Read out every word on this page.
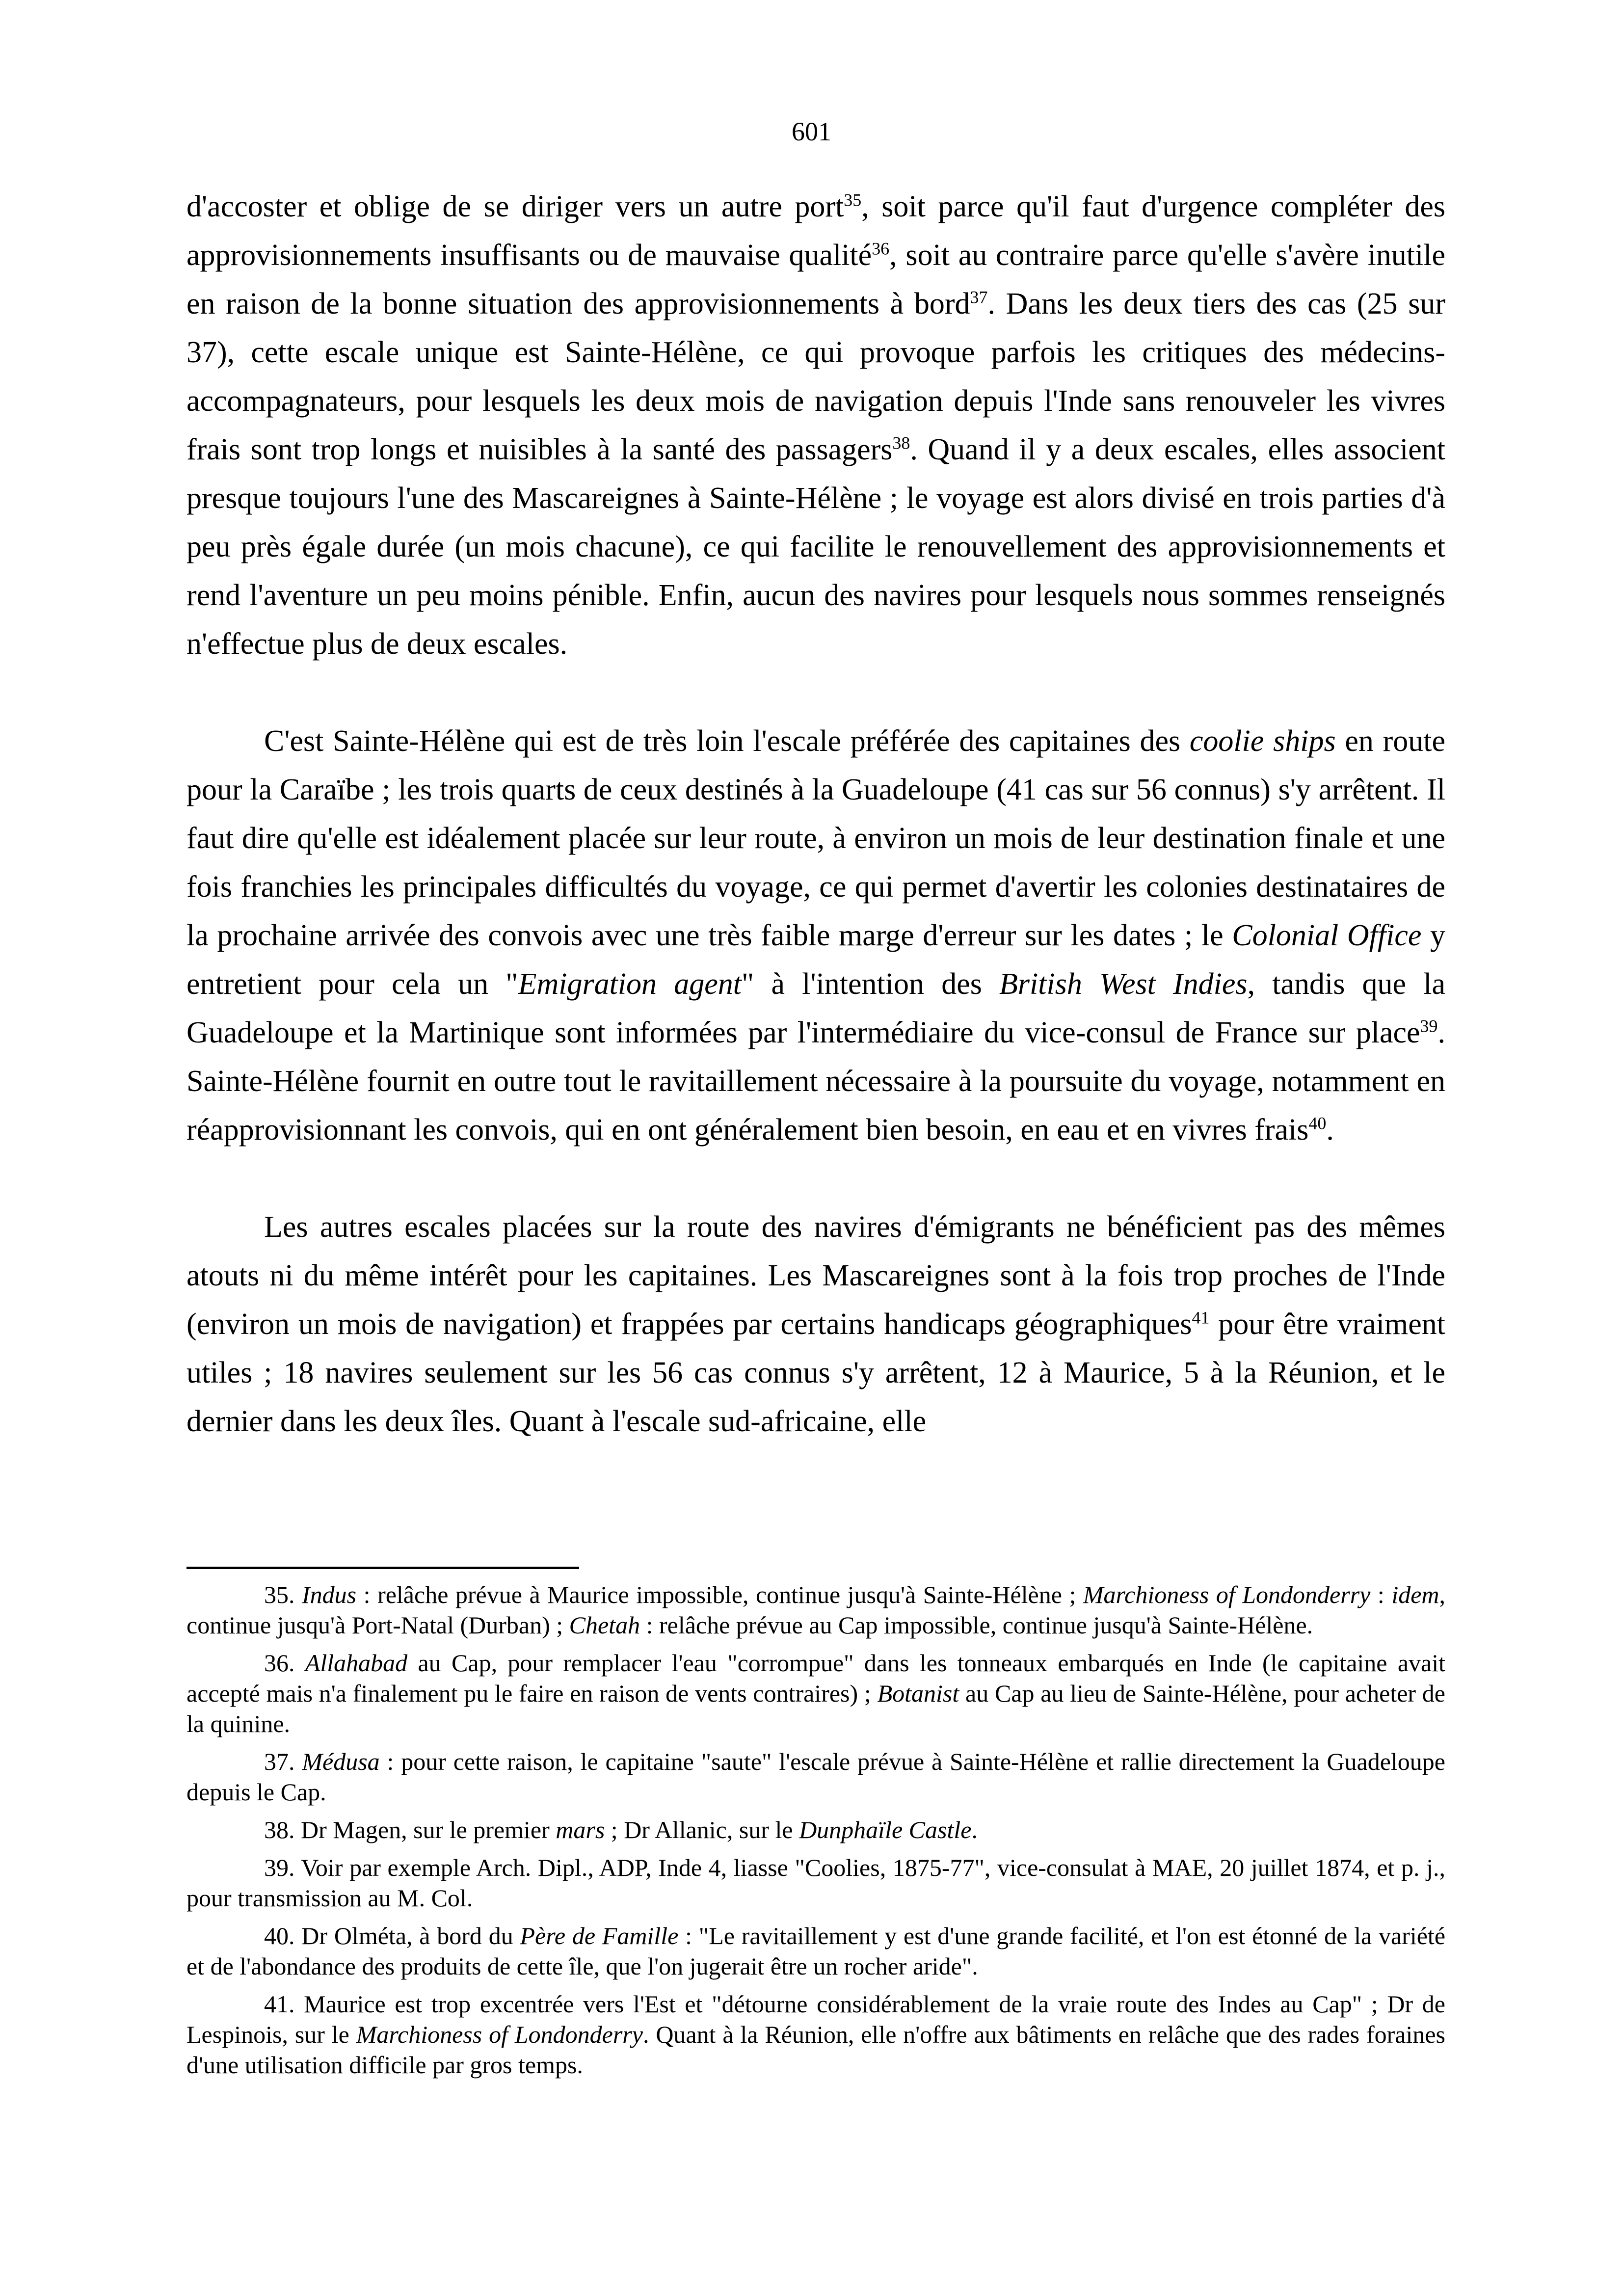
601

d'accoster et oblige de se diriger vers un autre port$^{35}$, soit parce qu'il faut d'urgence compléter des approvisionnements insuffisants ou de mauvaise qualité$^{36}$, soit au contraire parce qu'elle s'avère inutile en raison de la bonne situation des approvisionnements à bord$^{37}$. Dans les deux tiers des cas (25 sur 37), cette escale unique est Sainte-Hélène, ce qui provoque parfois les critiques des médecins-accompagnateurs, pour lesquels les deux mois de navigation depuis l'Inde sans renouveler les vivres frais sont trop longs et nuisibles à la santé des passagers$^{38}$. Quand il y a deux escales, elles associent presque toujours l'une des Mascareignes à Sainte-Hélène ; le voyage est alors divisé en trois parties d'à peu près égale durée (un mois chacune), ce qui facilite le renouvellement des approvisionnements et rend l'aventure un peu moins pénible. Enfin, aucun des navires pour lesquels nous sommes renseignés n'effectue plus de deux escales.

C'est Sainte-Hélène qui est de très loin l'escale préférée des capitaines des coolie ships en route pour la Caraïbe ; les trois quarts de ceux destinés à la Guadeloupe (41 cas sur 56 connus) s'y arrêtent. Il faut dire qu'elle est idéalement placée sur leur route, à environ un mois de leur destination finale et une fois franchies les principales difficultés du voyage, ce qui permet d'avertir les colonies destinataires de la prochaine arrivée des convois avec une très faible marge d'erreur sur les dates ; le Colonial Office y entretient pour cela un "Emigration agent" à l'intention des British West Indies, tandis que la Guadeloupe et la Martinique sont informées par l'intermédiaire du vice-consul de France sur place$^{39}$. Sainte-Hélène fournit en outre tout le ravitaillement nécessaire à la poursuite du voyage, notamment en réapprovisionnant les convois, qui en ont généralement bien besoin, en eau et en vivres frais$^{40}$.

Les autres escales placées sur la route des navires d'émigrants ne bénéficient pas des mêmes atouts ni du même intérêt pour les capitaines. Les Mascareignes sont à la fois trop proches de l'Inde (environ un mois de navigation) et frappées par certains handicaps géographiques$^{41}$ pour être vraiment utiles ; 18 navires seulement sur les 56 cas connus s'y arrêtent, 12 à Maurice, 5 à la Réunion, et le dernier dans les deux îles. Quant à l'escale sud-africaine, elle

35. Indus : relâche prévue à Maurice impossible, continue jusqu'à Sainte-Hélène ; Marchioness of Londonderry : idem, continue jusqu'à Port-Natal (Durban) ; Chetah : relâche prévue au Cap impossible, continue jusqu'à Sainte-Hélène.

36. Allahabad au Cap, pour remplacer l'eau "corrompue" dans les tonneaux embarqués en Inde (le capitaine avait accepté mais n'a finalement pu le faire en raison de vents contraires) ; Botanist au Cap au lieu de Sainte-Hélène, pour acheter de la quinine.

37. Médusa : pour cette raison, le capitaine "saute" l'escale prévue à Sainte-Hélène et rallie directement la Guadeloupe depuis le Cap.

38. Dr Magen, sur le premier mars ; Dr Allanic, sur le Dunphaïle Castle.

39. Voir par exemple Arch. Dipl., ADP, Inde 4, liasse "Coolies, 1875-77", vice-consulat à MAE, 20 juillet 1874, et p. j., pour transmission au M. Col.

40. Dr Olméta, à bord du Père de Famille : "Le ravitaillement y est d'une grande facilité, et l'on est étonné de la variété et de l'abondance des produits de cette île, que l'on jugerait être un rocher aride".

41. Maurice est trop excentrée vers l'Est et "détourne considérablement de la vraie route des Indes au Cap" ; Dr de Lespinois, sur le Marchioness of Londonderry. Quant à la Réunion, elle n'offre aux bâtiments en relâche que des rades foraines d'une utilisation difficile par gros temps.
